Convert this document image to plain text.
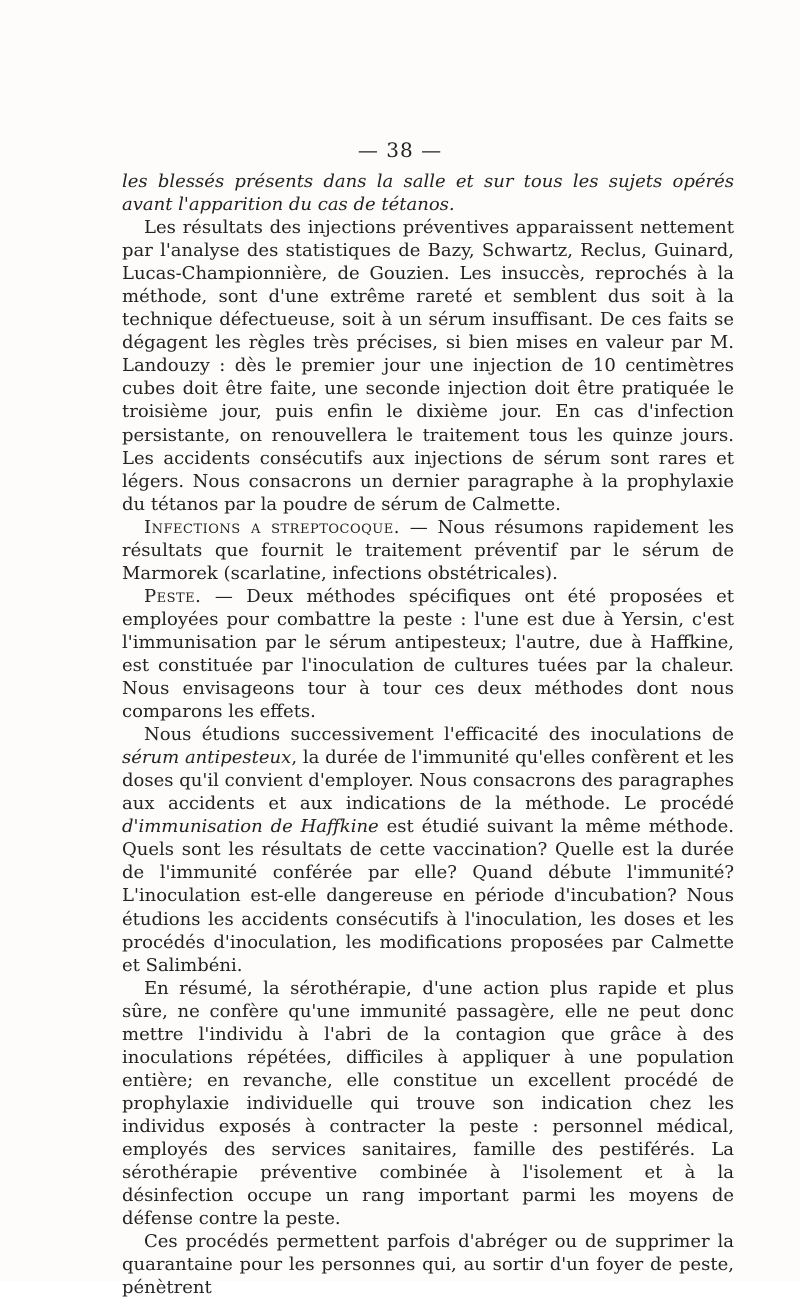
— 38 —

les blessés présents dans la salle et sur tous les sujets opérés avant l'apparition du cas de tétanos.

Les résultats des injections préventives apparaissent nettement par l'analyse des statistiques de Bazy, Schwartz, Reclus, Guinard, Lucas-Championnière, de Gouzien. Les insuccès, reprochés à la méthode, sont d'une extrême rareté et semblent dus soit à la technique défectueuse, soit à un sérum insuffisant. De ces faits se dégagent les règles très précises, si bien mises en valeur par M. Landouzy : dès le premier jour une injection de 10 centimètres cubes doit être faite, une seconde injection doit être pratiquée le troisième jour, puis enfin le dixième jour. En cas d'infection persistante, on renouvellera le traitement tous les quinze jours. Les accidents consécutifs aux injections de sérum sont rares et légers. Nous consacrons un dernier paragraphe à la prophylaxie du tétanos par la poudre de sérum de Calmette.

Infections a streptocoque. — Nous résumons rapidement les résultats que fournit le traitement préventif par le sérum de Marmorek (scarlatine, infections obstétricales).

Peste. — Deux méthodes spécifiques ont été proposées et employées pour combattre la peste : l'une est due à Yersin, c'est l'immunisation par le sérum antipesteux; l'autre, due à Haffkine, est constituée par l'inoculation de cultures tuées par la chaleur. Nous envisageons tour à tour ces deux méthodes dont nous comparons les effets.

Nous étudions successivement l'efficacité des inoculations de sérum antipesteux, la durée de l'immunité qu'elles confèrent et les doses qu'il convient d'employer. Nous consacrons des paragraphes aux accidents et aux indications de la méthode. Le procédé d'immunisation de Haffkine est étudié suivant la même méthode. Quels sont les résultats de cette vaccination? Quelle est la durée de l'immunité conférée par elle? Quand débute l'immunité? L'inoculation est-elle dangereuse en période d'incubation? Nous étudions les accidents consécutifs à l'inoculation, les doses et les procédés d'inoculation, les modifications proposées par Calmette et Salimbéni.

En résumé, la sérothérapie, d'une action plus rapide et plus sûre, ne confère qu'une immunité passagère, elle ne peut donc mettre l'individu à l'abri de la contagion que grâce à des inoculations répétées, difficiles à appliquer à une population entière; en revanche, elle constitue un excellent procédé de prophylaxie individuelle qui trouve son indication chez les individus exposés à contracter la peste : personnel médical, employés des services sanitaires, famille des pestiférés. La sérothérapie préventive combinée à l'isolement et à la désinfection occupe un rang important parmi les moyens de défense contre la peste.

Ces procédés permettent parfois d'abréger ou de supprimer la quarantaine pour les personnes qui, au sortir d'un foyer de peste, pénètrent
